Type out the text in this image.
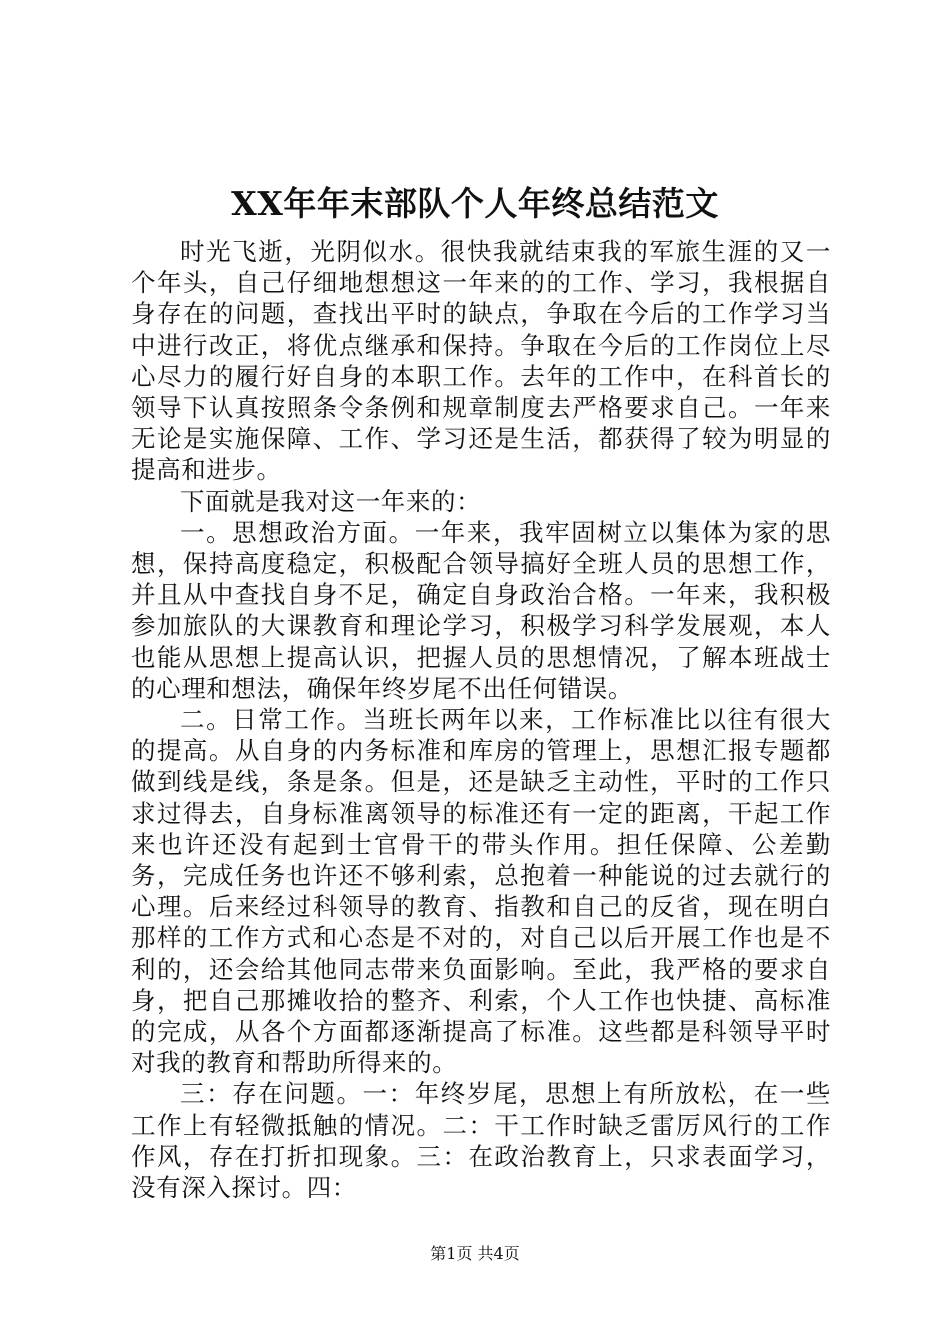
XX年年末部队个人年终总结范文

时光飞逝，光阴似水。很快我就结束我的军旅生涯的又一个年头，自己仔细地想想这一年来的的工作、学习，我根据自身存在的问题，查找出平时的缺点，争取在今后的工作学习当中进行改正，将优点继承和保持。争取在今后的工作岗位上尽心尽力的履行好自身的本职工作。去年的工作中，在科首长的领导下认真按照条令条例和规章制度去严格要求自己。一年来无论是实施保障、工作、学习还是生活，都获得了较为明显的提高和进步。

下面就是我对这一年来的：

一。思想政治方面。一年来，我牢固树立以集体为家的思想，保持高度稳定，积极配合领导搞好全班人员的思想工作，并且从中查找自身不足，确定自身政治合格。一年来，我积极参加旅队的大课教育和理论学习，积极学习科学发展观，本人也能从思想上提高认识，把握人员的思想情况，了解本班战士的心理和想法，确保年终岁尾不出任何错误。

二。日常工作。当班长两年以来，工作标准比以往有很大的提高。从自身的内务标准和库房的管理上，思想汇报专题都做到线是线，条是条。但是，还是缺乏主动性，平时的工作只求过得去，自身标准离领导的标准还有一定的距离，干起工作来也许还没有起到士官骨干的带头作用。担任保障、公差勤务，完成任务也许还不够利索，总抱着一种能说的过去就行的心理。后来经过科领导的教育、指教和自己的反省，现在明白那样的工作方式和心态是不对的，对自己以后开展工作也是不利的，还会给其他同志带来负面影响。至此，我严格的要求自身，把自己那摊收拾的整齐、利索，个人工作也快捷、高标准的完成，从各个方面都逐渐提高了标准。这些都是科领导平时对我的教育和帮助所得来的。

三：存在问题。一：年终岁尾，思想上有所放松，在一些工作上有轻微抵触的情况。二：干工作时缺乏雷厉风行的工作作风，存在打折扣现象。三：在政治教育上，只求表面学习，没有深入探讨。四：

第1页 共4页
